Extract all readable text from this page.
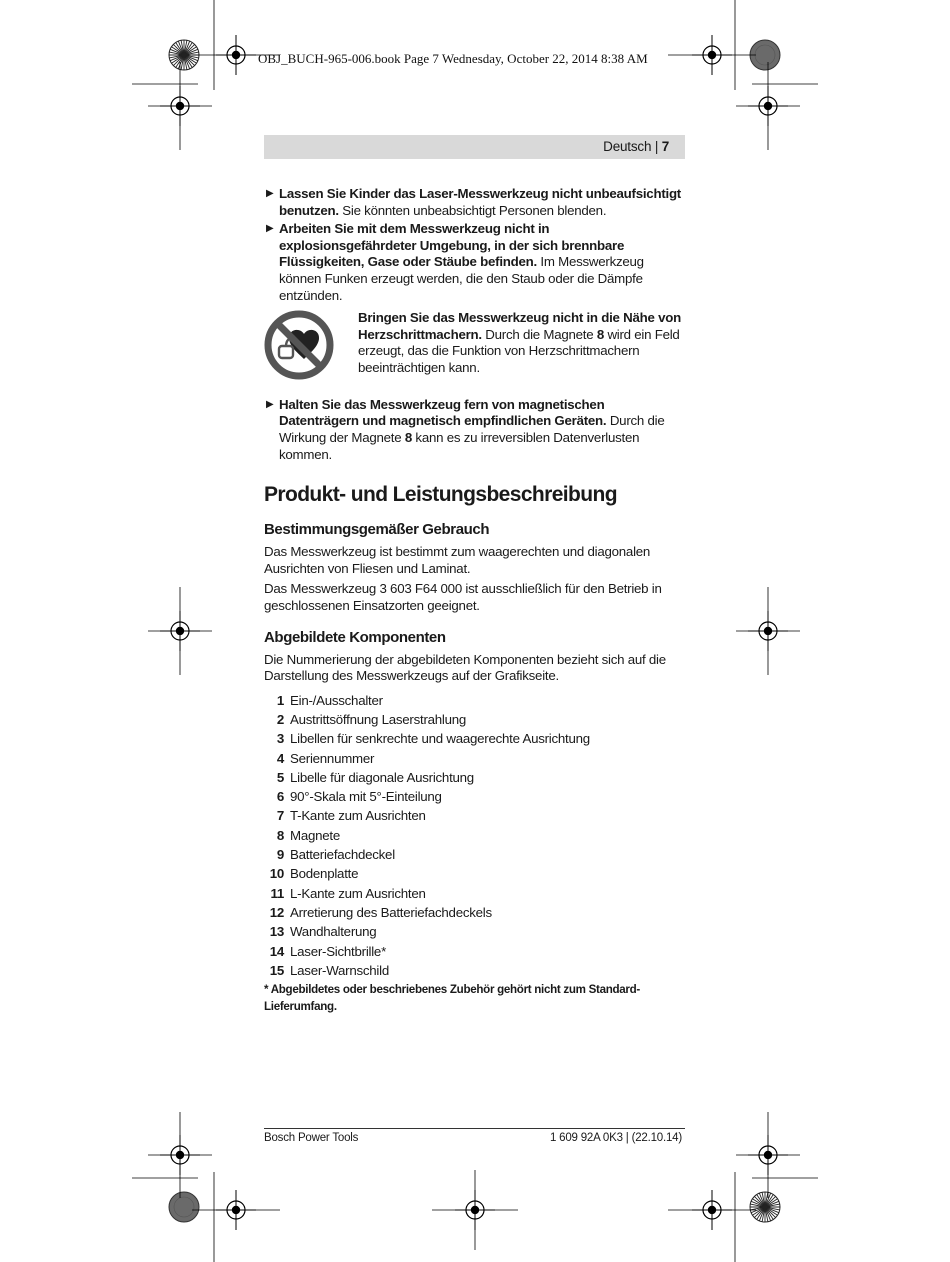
OBJ_BUCH-965-006.book Page 7 Wednesday, October 22, 2014 8:38 AM
Deutsch | 7
▶ Lassen Sie Kinder das Laser-Messwerkzeug nicht unbeaufsichtigt benutzen. Sie könnten unbeabsichtigt Personen blenden.
▶ Arbeiten Sie mit dem Messwerkzeug nicht in explosionsgefährdeter Umgebung, in der sich brennbare Flüssigkeiten, Gase oder Stäube befinden. Im Messwerkzeug können Funken erzeugt werden, die den Staub oder die Dämpfe entzünden.
Bringen Sie das Messwerkzeug nicht in die Nähe von Herzschrittmachern. Durch die Magnete 8 wird ein Feld erzeugt, das die Funktion von Herzschrittmachern beeinträchtigen kann.
▶ Halten Sie das Messwerkzeug fern von magnetischen Datenträgern und magnetisch empfindlichen Geräten. Durch die Wirkung der Magnete 8 kann es zu irreversiblen Datenverlusten kommen.
Produkt- und Leistungsbeschreibung
Bestimmungsgemäßer Gebrauch

Das Messwerkzeug ist bestimmt zum waagerechten und diagonalen Ausrichten von Fliesen und Laminat.

Das Messwerkzeug 3 603 F64 000 ist ausschließlich für den Betrieb in geschlossenen Einsatzorten geeignet.

Abgebildete Komponenten

Die Nummerierung der abgebildeten Komponenten bezieht sich auf die Darstellung des Messwerkzeugs auf der Grafikseite.

1 Ein-/Ausschalter
2 Austrittsöffnung Laserstrahlung
3 Libellen für senkrechte und waagerechte Ausrichtung
4 Seriennummer
5 Libelle für diagonale Ausrichtung
6 90°-Skala mit 5°-Einteilung
7 T-Kante zum Ausrichten
8 Magnete
9 Batteriefachdeckel
10 Bodenplatte
11 L-Kante zum Ausrichten
12 Arretierung des Batteriefachdeckels
13 Wandhalterung
14 Laser-Sichtbrille*
15 Laser-Warnschild
* Abgebildetes oder beschriebenes Zubehör gehört nicht zum Standard-Lieferumfang.
Bosch Power Tools	1 609 92A 0K3 | (22.10.14)
